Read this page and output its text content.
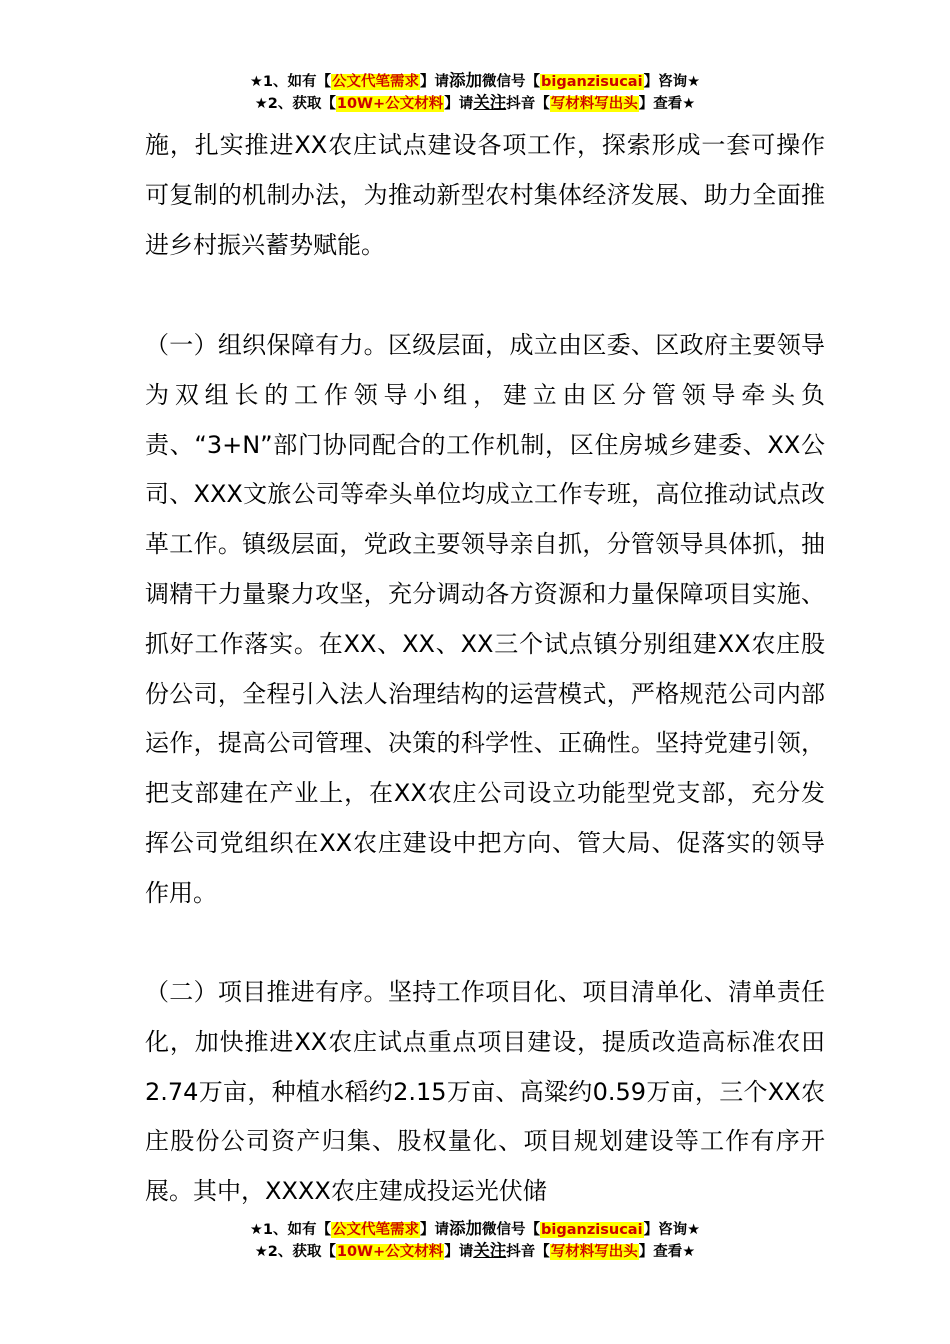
★1、如有【公文代笔需求】请添加微信号【biganzisucai】咨询★
★2、获取【10W+公文材料】请关注抖音【写材料写出头】查看★

施，扎实推进XX农庄试点建设各项工作，探索形成一套可操作可复制的机制办法，为推动新型农村集体经济发展、助力全面推进乡村振兴蓄势赋能。

（一）组织保障有力。区级层面，成立由区委、区政府主要领导为双组长的工作领导小组，建立由区分管领导牵头负责、“3+N”部门协同配合的工作机制，区住房城乡建委、XX公司、XXX文旅公司等牵头单位均成立工作专班，高位推动试点改革工作。镇级层面，党政主要领导亲自抓，分管领导具体抓，抽调精干力量聚力攻坚，充分调动各方资源和力量保障项目实施、抓好工作落实。在XX、XX、XX三个试点镇分别组建XX农庄股份公司，全程引入法人治理结构的运营模式，严格规范公司内部运作，提高公司管理、决策的科学性、正确性。坚持党建引领，把支部建在产业上，在XX农庄公司设立功能型党支部，充分发挥公司党组织在XX农庄建设中把方向、管大局、促落实的领导作用。

（二）项目推进有序。坚持工作项目化、项目清单化、清单责任化，加快推进XX农庄试点重点项目建设，提质改造高标准农田2.74万亩，种植水稻约2.15万亩、高粱约0.59万亩，三个XX农庄股份公司资产归集、股权量化、项目规划建设等工作有序开展。其中，XXXX农庄建成投运光伏储

★1、如有【公文代笔需求】请添加微信号【biganzisucai】咨询★
★2、获取【10W+公文材料】请关注抖音【写材料写出头】查看★
